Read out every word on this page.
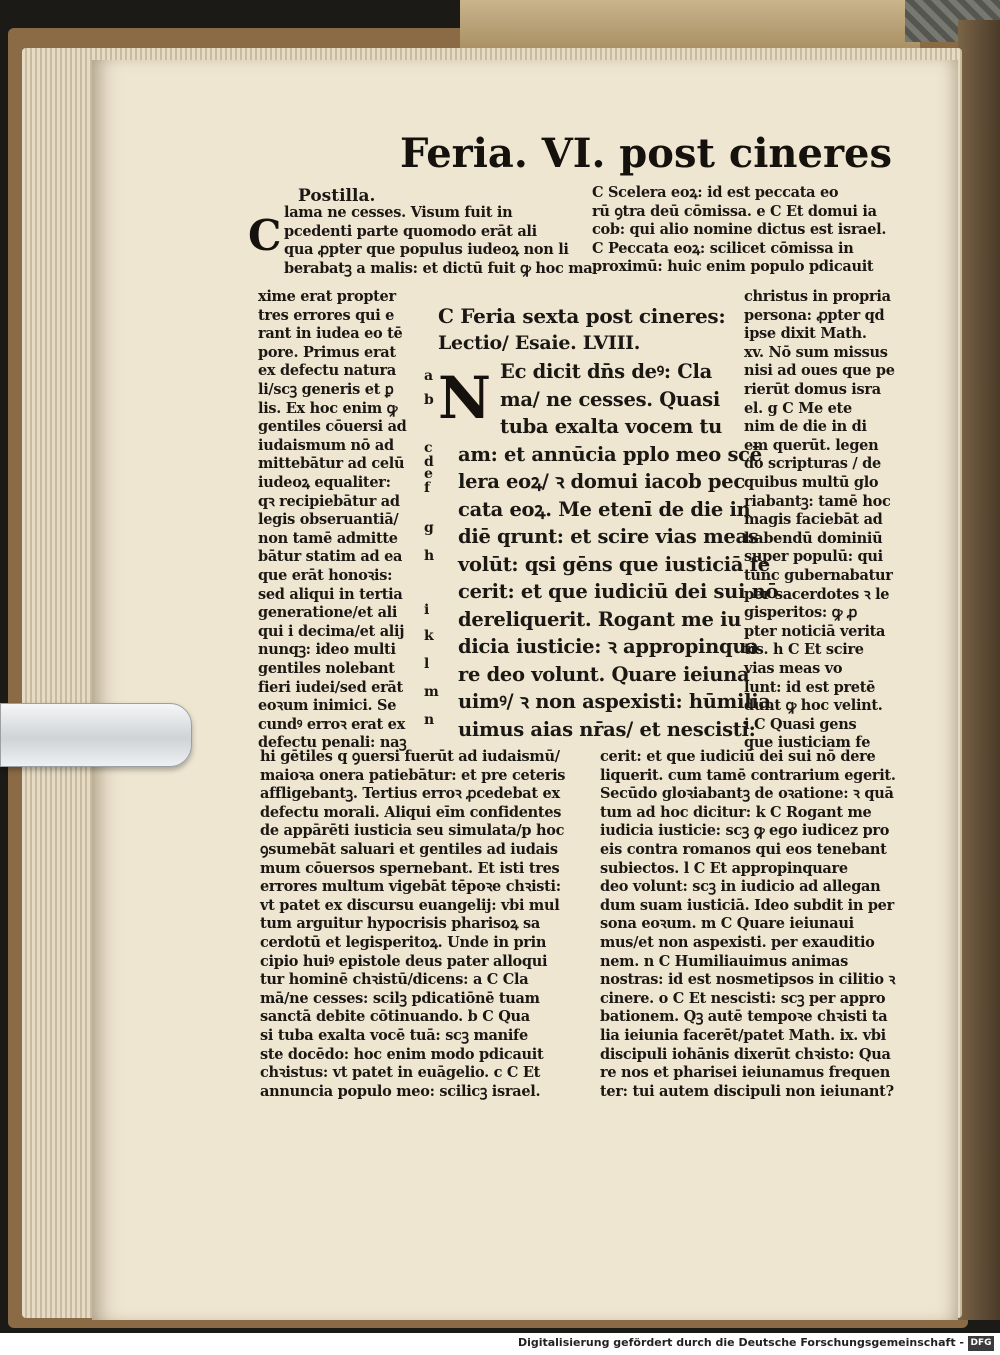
Feria. VI. post cineres
Postilla.
C lama ne cesses. Visum fuit in
pcedenti parte quomodo erāt ali
qua ꝓpter que populus iudeoꝝ non li
berabatꝫ a malis: et dictū fuit ꝙ hoc ma
C Scelera eoꝝ: id est peccata eo
rū ꝯtra deū cōmissa. e C Et domui ia
cob: qui alio nomine dictus est israel.
C Peccata eoꝝ: scilicet cōmissa in
proximū: huic enim populo pdicauit
xime erat propter
tres errores qui e
rant in iudea eo tē
pore. Primus erat
ex defectu natura
li/scꝫ generis et ꝑ
lis. Ex hoc enim ꝙ
gentiles cōuersi ad
iudaismum nō ad
mittebātur ad celū
iudeoꝝ equaliter:
qꝛ recipiebātur ad
legis obseruantiā/
non tamē admitte
bātur statim ad ea
que erāt honoꝛis:
sed aliqui in tertia
generatione/et ali
qui i decima/et alij
nunqꝫ: ideo multi
gentiles nolebant
fieri iudei/sed erāt
eoꝛum inimici. Se
cundꝰ erroꝛ erat ex
defectu penali: naꝫ
christus in propria
persona: ꝓpter qd
ipse dixit Math.
xv. Nō sum missus
nisi ad oues que pe
rierūt domus isra
el. g C Me ete
nim de die in di
em querūt. legen
do scripturas / de
quibus multū glo
riabantꝫ: tamē hoc
magis faciebāt ad
habendū dominiū
super populū: qui
tunc gubernabatur
per sacerdotes ꝛ le
gisperitos: ꝙ ꝓ
pter noticiā verita
tis. h C Et scire
vias meas vo
lunt: id est pretē
dunt ꝙ hoc velint.
i C Quasi gens
que iusticiam fe
C Feria sexta post cineres:
Lectio/ Esaie. LVIII.
N Ec dicit dn̄s deꝰ: Cla
ma/ ne cesses. Quasi
tuba exalta vocem tu
am: et annūcia pplo meo scē
lera eoꝝ/ ꝛ domui iacob pec
cata eoꝝ. Me etenī de die in
diē qrunt: et scire vias meas
volūt: qsi gēns que iusticiā fe
cerit: et que iudiciū dei sui nō
dereliquerit. Rogant me iu
dicia iusticie: ꝛ appropinqua
re deo volunt. Quare ieiuna
uimꝰ/ ꝛ non aspexisti: hūmilia
uimus aias nr̄as/ et nescisti:
a
b
c
d
e
f
g
h
i
k
l
m
n
hi gētiles q ꝯuersi fuerūt ad iudaismū/
maioꝛa onera patiebātur: et pre ceteris
affligebantꝫ. Tertius erroꝛ ꝓcedebat ex
defectu morali. Aliqui eīm confidentes
de appārēti iusticia seu simulata/p hoc
ꝯsumebāt saluari et gentiles ad iudais
mum cōuersos spernebant. Et isti tres
errores multum vigebāt tēpoꝛe chꝛisti:
vt patet ex discursu euangelij: vbi mul
tum arguitur hypocrisis pharisoꝝ sa
cerdotū et legisperitoꝝ. Unde in prin
cipio huiꝰ epistole deus pater alloqui
tur hominē chꝛistū/dicens: a C Cla
mā/ne cesses: scilꝫ pdicatiōnē tuam
sanctā debite cōtinuando. b C Qua
si tuba exalta vocē tuā: scꝫ manife
ste docēdo: hoc enim modo pdicauit
chꝛistus: vt patet in euāgelio. c C Et
annuncia populo meo: scilicꝫ israel.
cerit: et que iudiciū dei sui nō dere
liquerit. cum tamē contrarium egerit.
Secūdo gloꝛiabantꝫ de oꝛatione: ꝛ quā
tum ad hoc dicitur: k C Rogant me
iudicia iusticie: scꝫ ꝙ ego iudicez pro
eis contra romanos qui eos tenebant
subiectos. l C Et appropinquare
deo volunt: scꝫ in iudicio ad allegan
dum suam iusticiā. Ideo subdit in per
sona eoꝛum. m C Quare ieiunaui
mus/et non aspexisti. per exauditio
nem. n C Humiliauimus animas
nostras: id est nosmetipsos in cilitio ꝛ
cinere. o C Et nescisti: scꝫ per appro
bationem. Qꝫ autē tempoꝛe chꝛisti ta
lia ieiunia facerēt/patet Math. ix. vbi
discipuli iohānis dixerūt chꝛisto: Qua
re nos et pharisei ieiunamus frequen
ter: tui autem discipuli non ieiunant?
Digitalisierung gefördert durch die Deutsche Forschungsgemeinschaft - DFG
